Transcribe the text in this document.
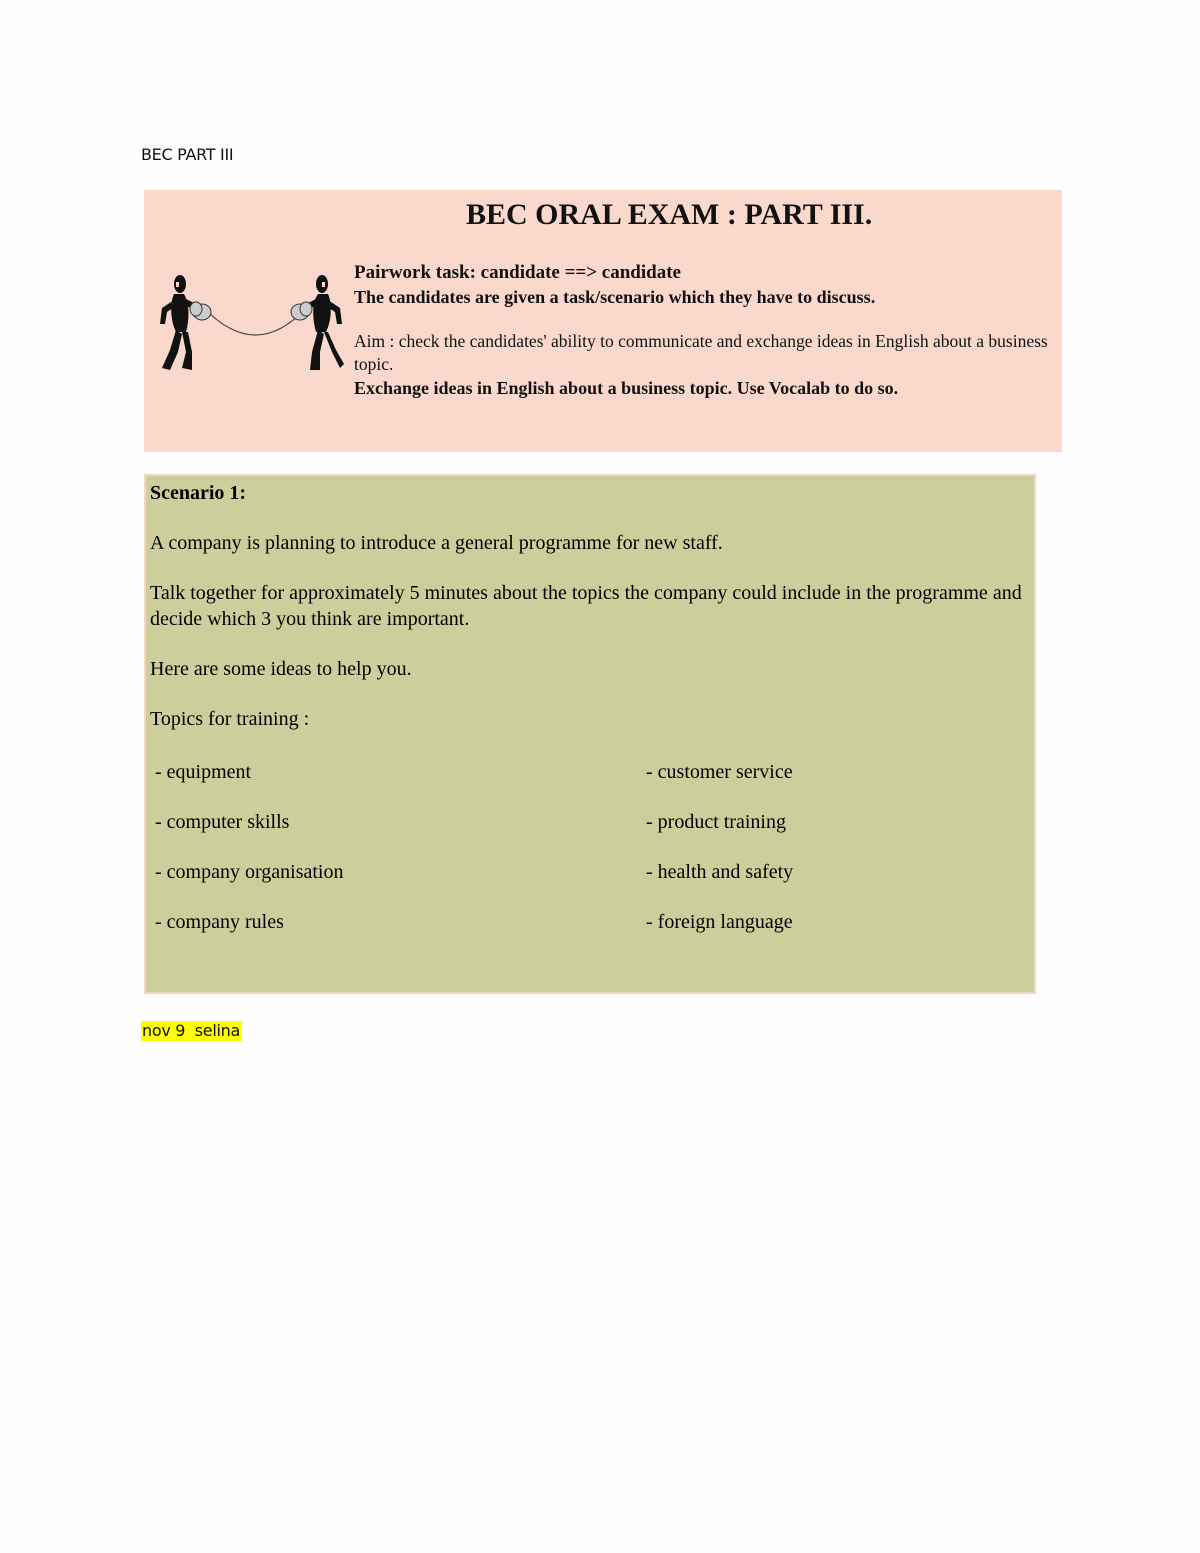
BEC PART III
BEC ORAL EXAM : PART III.
Pairwork task: candidate ==> candidate
The candidates are given a task/scenario which they have to discuss.
Aim : check the candidates' ability to communicate and exchange ideas in English about a business topic.
Exchange ideas in English about a business topic. Use Vocalab to do so.
Scenario 1:
A company is planning to introduce a general programme for new staff.
Talk together for approximately 5 minutes about the topics the company could include in the programme and decide which 3 you think are important.
Here are some ideas to help you.
Topics for training :
- equipment
- computer skills
- company organisation
- company rules
- customer service
- product training
- health and safety
- foreign language
nov 9  selina
